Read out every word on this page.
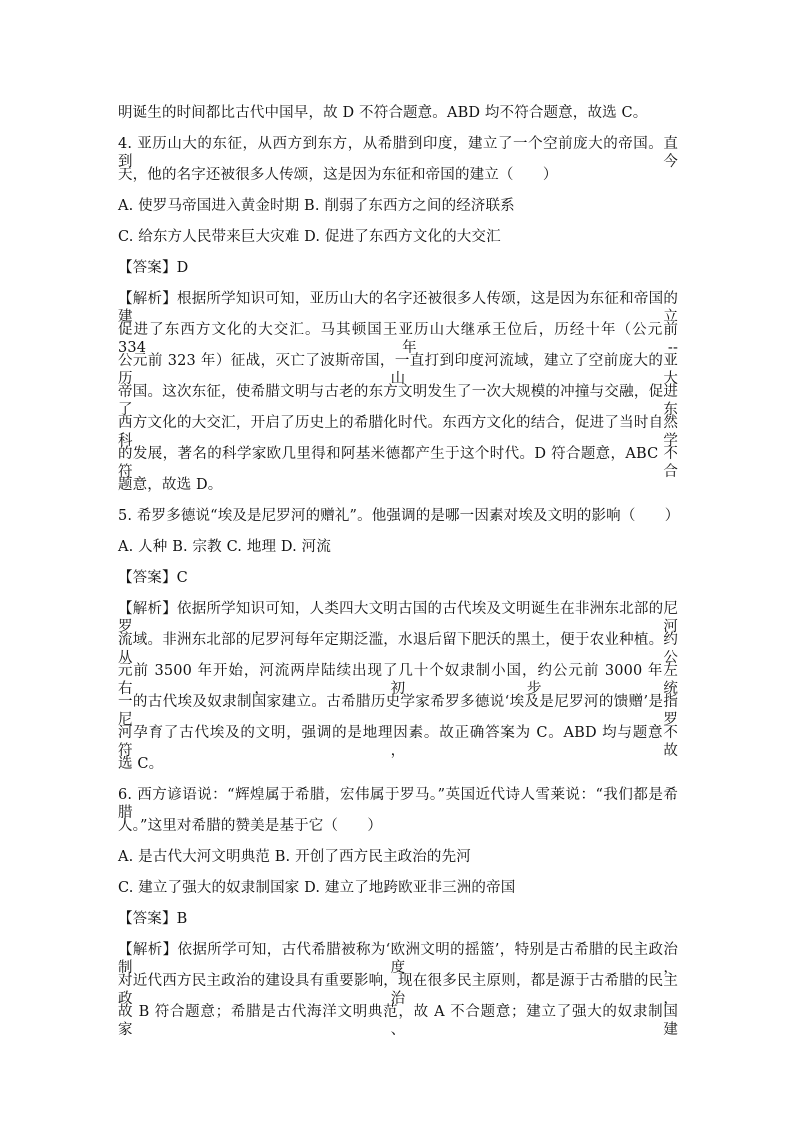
明诞生的时间都比古代中国早，故 D 不符合题意。ABD 均不符合题意，故选 C。
4. 亚历山大的东征，从西方到东方，从希腊到印度，建立了一个空前庞大的帝国。直到今
天，他的名字还被很多人传颂，这是因为东征和帝国的建立（　　）
A. 使罗马帝国进入黄金时期 B. 削弱了东西方之间的经济联系
C. 给东方人民带来巨大灾难 D. 促进了东西方文化的大交汇
【答案】D
【解析】根据所学知识可知，亚历山大的名字还被很多人传颂，这是因为东征和帝国的建立
促进了东西方文化的大交汇。马其顿国王亚历山大继承王位后，历经十年（公元前 334 年--
公元前 323 年）征战，灭亡了波斯帝国，一直打到印度河流域，建立了空前庞大的亚历山大
帝国。这次东征，使希腊文明与古老的东方文明发生了一次大规模的冲撞与交融，促进了东
西方文化的大交汇，开启了历史上的希腊化时代。东西方文化的结合，促进了当时自然科学
的发展，著名的科学家欧几里得和阿基米德都产生于这个时代。D 符合题意，ABC 不符合
题意，故选 D。
5. 希罗多德说“埃及是尼罗河的赠礼”。他强调的是哪一因素对埃及文明的影响（　　）
A. 人种 B. 宗教 C. 地理 D. 河流
【答案】C
【解析】依据所学知识可知，人类四大文明古国的古代埃及文明诞生在非洲东北部的尼罗河
流域。非洲东北部的尼罗河每年定期泛滥，水退后留下肥沃的黑土，便于农业种植。约从公
元前 3500 年开始，河流两岸陆续出现了几十个奴隶制小国，约公元前 3000 年左右，初步统
一的古代埃及奴隶制国家建立。古希腊历史学家希罗多德说‘埃及是尼罗河的馈赠’是指尼罗
河孕育了古代埃及的文明，强调的是地理因素。故正确答案为 C。ABD 均与题意不符，故
选 C。
6. 西方谚语说：“辉煌属于希腊，宏伟属于罗马。”英国近代诗人雪莱说：“我们都是希腊
人。”这里对希腊的赞美是基于它（　　）
A. 是古代大河文明典范 B. 开创了西方民主政治的先河
C. 建立了强大的奴隶制国家 D. 建立了地跨欧亚非三洲的帝国
【答案】B
【解析】依据所学可知，古代希腊被称为‘欧洲文明的摇篮’，特别是古希腊的民主政治制度，
对近代西方民主政治的建设具有重要影响，现在很多民主原则，都是源于古希腊的民主政治，
故 B 符合题意；希腊是古代海洋文明典范，故 A 不合题意；建立了强大的奴隶制国家、建
